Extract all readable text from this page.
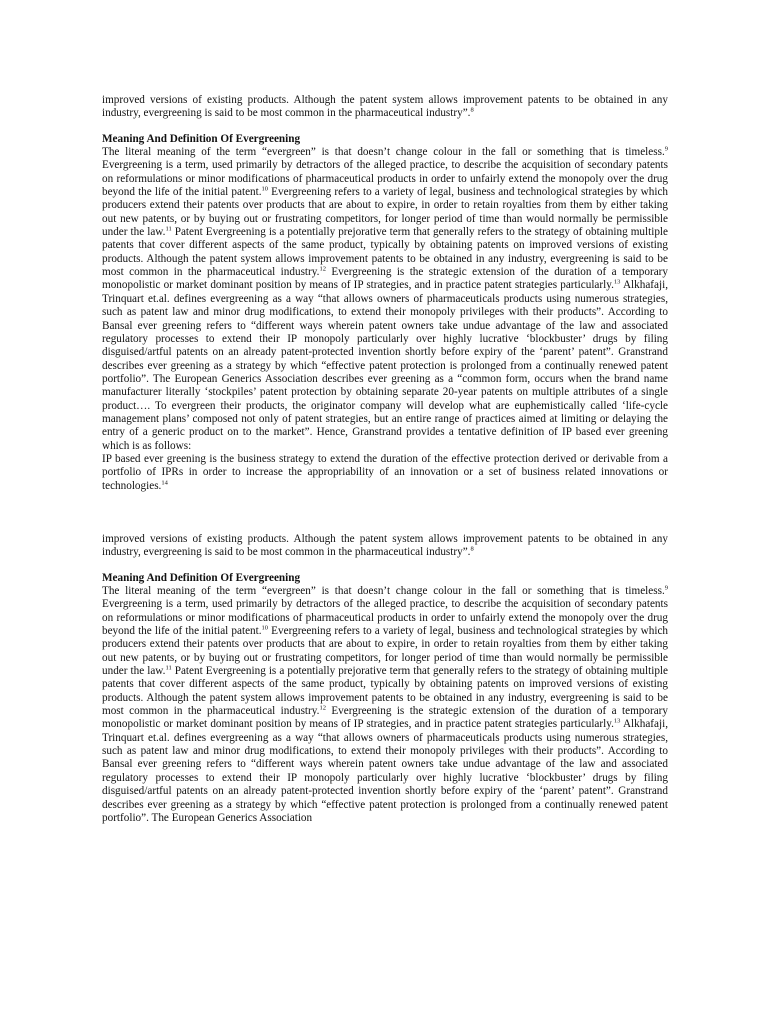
improved versions of existing products. Although the patent system allows improvement patents to be obtained in any industry, evergreening is said to be most common in the pharmaceutical industry”.$^8$

Meaning And Definition Of Evergreening

The literal meaning of the term “evergreen” is that doesn’t change colour in the fall or something that is timeless.$^9$ Evergreening is a term, used primarily by detractors of the alleged practice, to describe the acquisition of secondary patents on reformulations or minor modifications of pharmaceutical products in order to unfairly extend the monopoly over the drug beyond the life of the initial patent.$^{10}$ Evergreening refers to a variety of legal, business and technological strategies by which producers extend their patents over products that are about to expire, in order to retain royalties from them by either taking out new patents, or by buying out or frustrating competitors, for longer period of time than would normally be permissible under the law.$^{11}$ Patent Evergreening is a potentially prejorative term that generally refers to the strategy of obtaining multiple patents that cover different aspects of the same product, typically by obtaining patents on improved versions of existing products. Although the patent system allows improvement patents to be obtained in any industry, evergreening is said to be most common in the pharmaceutical industry.$^{12}$ Evergreening is the strategic extension of the duration of a temporary monopolistic or market dominant position by means of IP strategies, and in practice patent strategies particularly.$^{13}$ Alkhafaji, Trinquart et.al. defines evergreening as a way “that allows owners of pharmaceuticals products using numerous strategies, such as patent law and minor drug modifications, to extend their monopoly privileges with their products”. According to Bansal ever greening refers to “different ways wherein patent owners take undue advantage of the law and associated regulatory processes to extend their IP monopoly particularly over highly lucrative ‘blockbuster’ drugs by filing disguised/artful patents on an already patent-protected invention shortly before expiry of the ‘parent’ patent”. Granstrand describes ever greening as a strategy by which “effective patent protection is prolonged from a continually renewed patent portfolio”. The European Generics Association describes ever greening as a “common form, occurs when the brand name manufacturer literally ‘stockpiles’ patent protection by obtaining separate 20-year patents on multiple attributes of a single product…. To evergreen their products, the originator company will develop what are euphemistically called ‘life-cycle management plans’ composed not only of patent strategies, but an entire range of practices aimed at limiting or delaying the entry of a generic product on to the market”. Hence, Granstrand provides a tentative definition of IP based ever greening which is as follows:

IP based ever greening is the business strategy to extend the duration of the effective protection derived or derivable from a portfolio of IPRs in order to increase the appropriability of an innovation or a set of business related innovations or technologies.$^{14}$

improved versions of existing products. Although the patent system allows improvement patents to be obtained in any industry, evergreening is said to be most common in the pharmaceutical industry”.$^8$

Meaning And Definition Of Evergreening

The literal meaning of the term “evergreen” is that doesn’t change colour in the fall or something that is timeless.$^9$ Evergreening is a term, used primarily by detractors of the alleged practice, to describe the acquisition of secondary patents on reformulations or minor modifications of pharmaceutical products in order to unfairly extend the monopoly over the drug beyond the life of the initial patent.$^{10}$ Evergreening refers to a variety of legal, business and technological strategies by which producers extend their patents over products that are about to expire, in order to retain royalties from them by either taking out new patents, or by buying out or frustrating competitors, for longer period of time than would normally be permissible under the law.$^{11}$ Patent Evergreening is a potentially prejorative term that generally refers to the strategy of obtaining multiple patents that cover different aspects of the same product, typically by obtaining patents on improved versions of existing products. Although the patent system allows improvement patents to be obtained in any industry, evergreening is said to be most common in the pharmaceutical industry.$^{12}$ Evergreening is the strategic extension of the duration of a temporary monopolistic or market dominant position by means of IP strategies, and in practice patent strategies particularly.$^{13}$ Alkhafaji, Trinquart et.al. defines evergreening as a way “that allows owners of pharmaceuticals products using numerous strategies, such as patent law and minor drug modifications, to extend their monopoly privileges with their products”. According to Bansal ever greening refers to “different ways wherein patent owners take undue advantage of the law and associated regulatory processes to extend their IP monopoly particularly over highly lucrative ‘blockbuster’ drugs by filing disguised/artful patents on an already patent-protected invention shortly before expiry of the ‘parent’ patent”. Granstrand describes ever greening as a strategy by which “effective patent protection is prolonged from a continually renewed patent portfolio”. The European Generics Association
